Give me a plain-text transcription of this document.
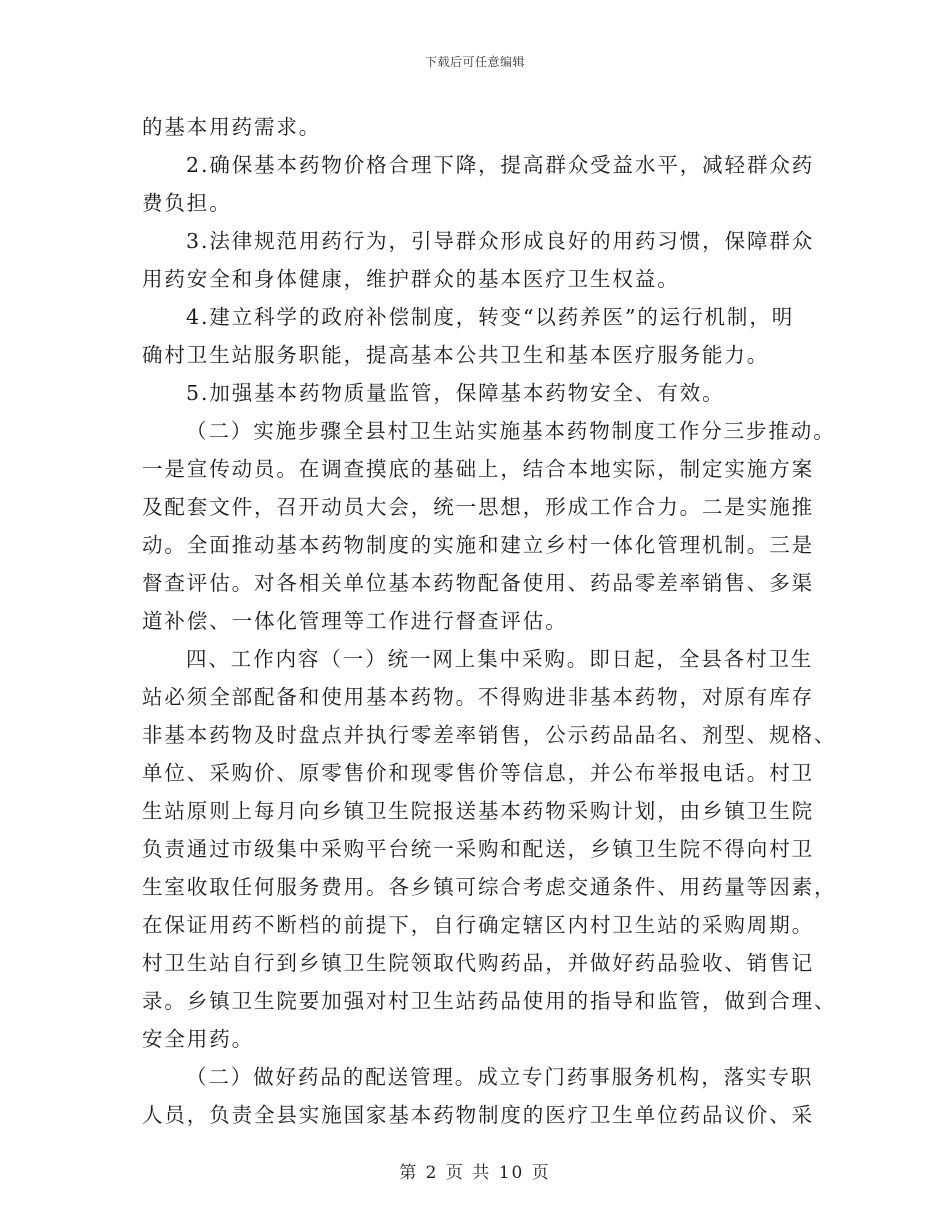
下载后可任意编辑
的基本用药需求。
2.确保基本药物价格合理下降，提高群众受益水平，减轻群众药
费负担。
3.法律规范用药行为，引导群众形成良好的用药习惯，保障群众
用药安全和身体健康，维护群众的基本医疗卫生权益。
4.建立科学的政府补偿制度，转变“以药养医”的运行机制，明
确村卫生站服务职能，提高基本公共卫生和基本医疗服务能力。
5.加强基本药物质量监管，保障基本药物安全、有效。
（二）实施步骤全县村卫生站实施基本药物制度工作分三步推动。
一是宣传动员。在调查摸底的基础上，结合本地实际，制定实施方案
及配套文件，召开动员大会，统一思想，形成工作合力。二是实施推
动。全面推动基本药物制度的实施和建立乡村一体化管理机制。三是
督查评估。对各相关单位基本药物配备使用、药品零差率销售、多渠
道补偿、一体化管理等工作进行督查评估。
四、工作内容（一）统一网上集中采购。即日起，全县各村卫生
站必须全部配备和使用基本药物。不得购进非基本药物，对原有库存
非基本药物及时盘点并执行零差率销售，公示药品品名、剂型、规格、
单位、采购价、原零售价和现零售价等信息，并公布举报电话。村卫
生站原则上每月向乡镇卫生院报送基本药物采购计划，由乡镇卫生院
负责通过市级集中采购平台统一采购和配送，乡镇卫生院不得向村卫
生室收取任何服务费用。各乡镇可综合考虑交通条件、用药量等因素，
在保证用药不断档的前提下，自行确定辖区内村卫生站的采购周期。
村卫生站自行到乡镇卫生院领取代购药品，并做好药品验收、销售记
录。乡镇卫生院要加强对村卫生站药品使用的指导和监管，做到合理、
安全用药。
（二）做好药品的配送管理。成立专门药事服务机构，落实专职
人员，负责全县实施国家基本药物制度的医疗卫生单位药品议价、采
第 2 页 共 10 页
